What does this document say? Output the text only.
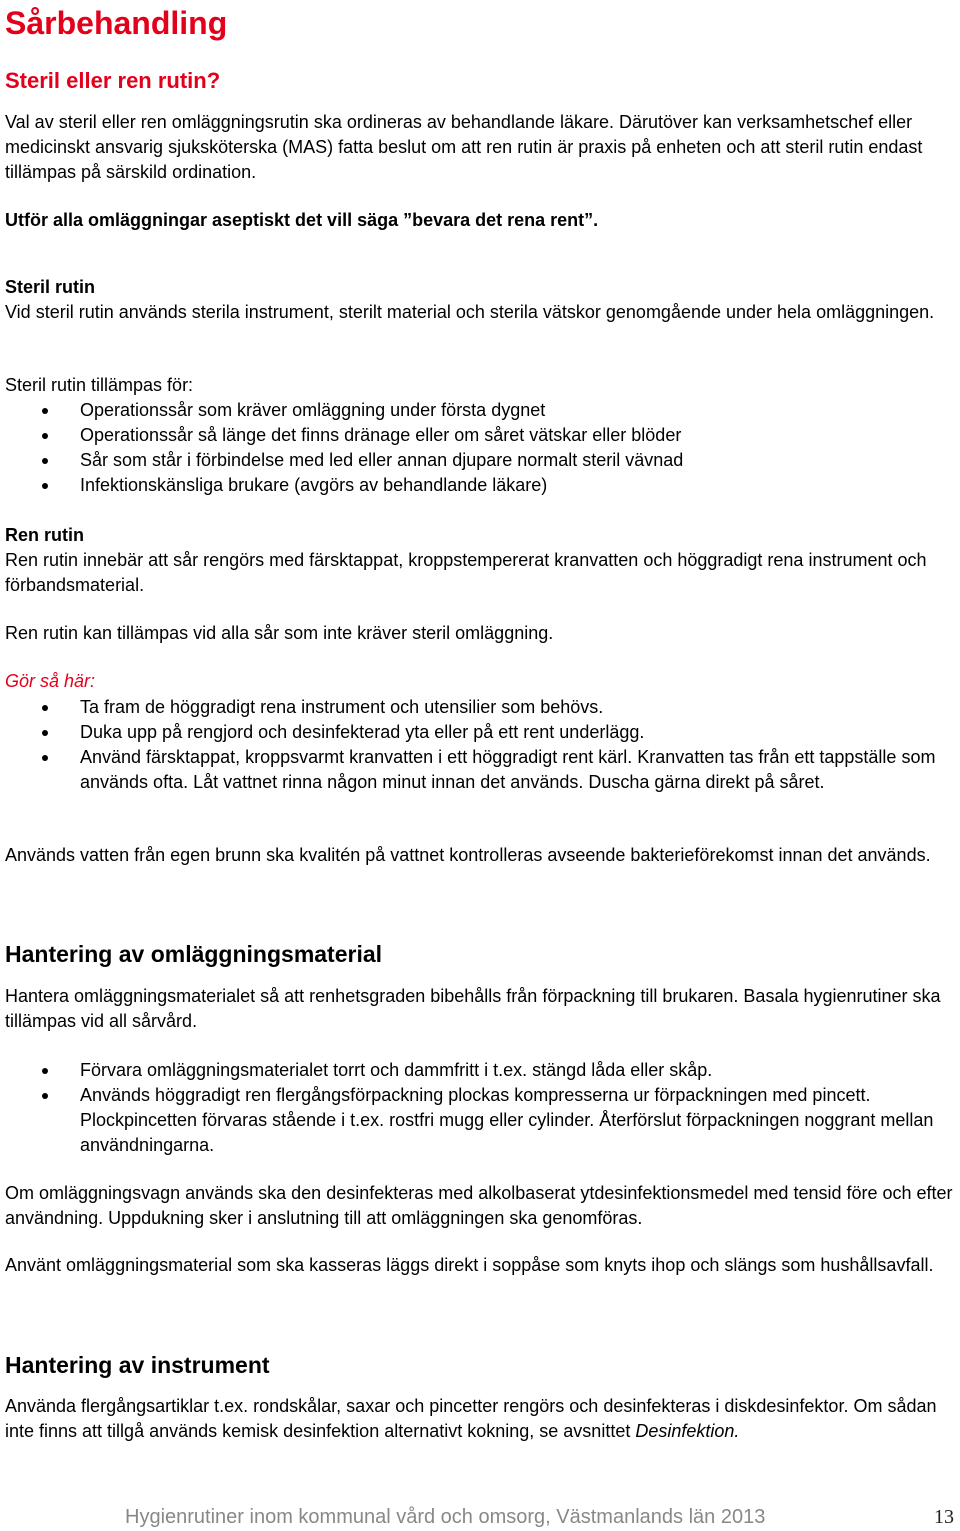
Sårbehandling
Steril eller ren rutin?
Val av steril eller ren omläggningsrutin ska ordineras av behandlande läkare. Därutöver kan verksamhetschef eller medicinskt ansvarig sjuksköterska (MAS) fatta beslut om att ren rutin är praxis på enheten och att steril rutin endast tillämpas på särskild ordination.
Utför alla omläggningar aseptiskt det vill säga ”bevara det rena rent”.
Steril rutin
Vid steril rutin används sterila instrument, sterilt material och sterila vätskor genomgående under hela omläggningen.
Steril rutin tillämpas för:
Operationssår som kräver omläggning under första dygnet
Operationssår så länge det finns dränage eller om såret vätskar eller blöder
Sår som står i förbindelse med led eller annan djupare normalt steril vävnad
Infektionskänsliga brukare (avgörs av behandlande läkare)
Ren rutin
Ren rutin innebär att sår rengörs med färsktappat, kroppstempererat kranvatten och höggradigt rena instrument och förbandsmaterial.
Ren rutin kan tillämpas vid alla sår som inte kräver steril omläggning.
Gör så här:
Ta fram de höggradigt rena instrument och utensilier som behövs.
Duka upp på rengjord och desinfekterad yta eller på ett rent underlägg.
Använd färsktappat, kroppsvarmt kranvatten i ett höggradigt rent kärl. Kranvatten tas från ett tappställe som används ofta. Låt vattnet rinna någon minut innan det används. Duscha gärna direkt på såret.
Används vatten från egen brunn ska kvalitén på vattnet kontrolleras avseende bakterieförekomst innan det används.
Hantering av omläggningsmaterial
Hantera omläggningsmaterialet så att renhetsgraden bibehålls från förpackning till brukaren. Basala hygienrutiner ska tillämpas vid all sårvård.
Förvara omläggningsmaterialet torrt och dammfritt i t.ex. stängd låda eller skåp.
Används höggradigt ren flergångsförpackning plockas kompresserna ur förpackningen med pincett. Plockpincetten förvaras stående i t.ex. rostfri mugg eller cylinder. Återförslut förpackningen noggrant mellan användningarna.
Om omläggningsvagn används ska den desinfekteras med alkolbaserat ytdesinfektionsmedel med tensid före och efter användning. Uppdukning sker i anslutning till att omläggningen ska genomföras.
Använt omläggningsmaterial som ska kasseras läggs direkt i soppåse som knyts ihop och slängs som hushållsavfall.
Hantering av instrument
Använda flergångsartiklar t.ex. rondskålar, saxar och pincetter rengörs och desinfekteras i diskdesinfektor. Om sådan inte finns att tillgå används kemisk desinfektion alternativt kokning, se avsnittet Desinfektion.
Hygienrutiner inom kommunal vård och omsorg, Västmanlands län 2013	13
